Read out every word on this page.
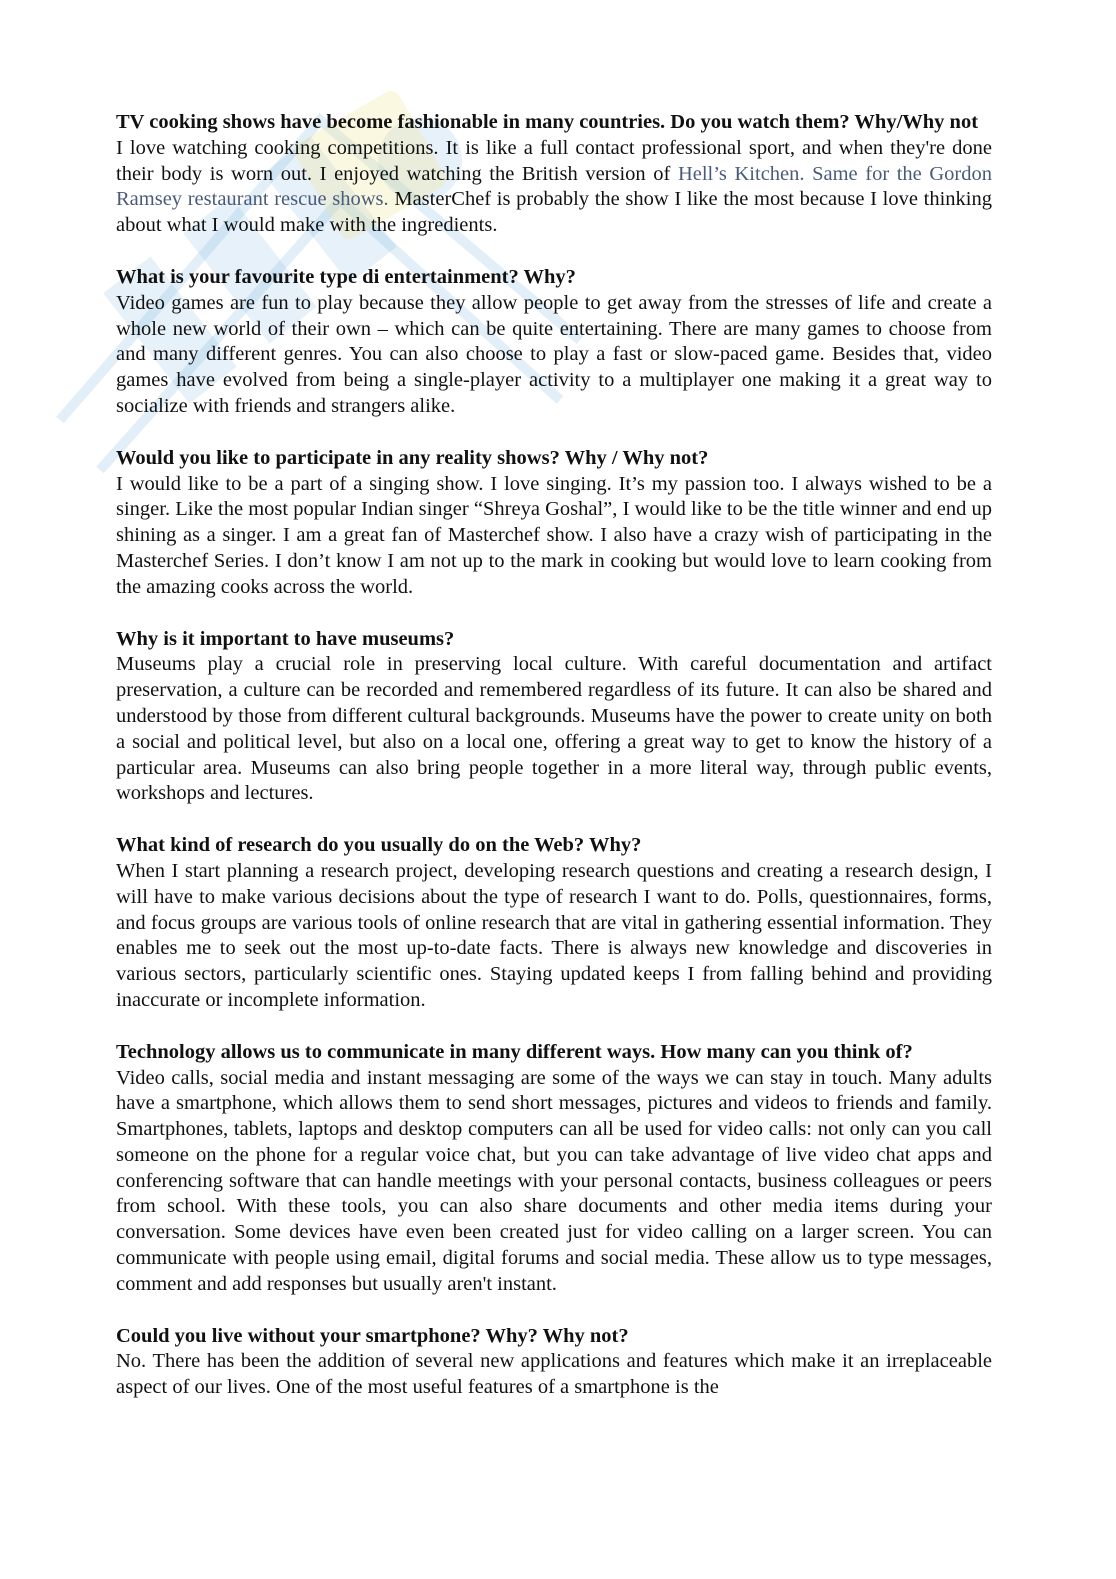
TV cooking shows have become fashionable in many countries. Do you watch them? Why/Why not

I love watching cooking competitions. It is like a full contact professional sport, and when they're done their body is worn out. I enjoyed watching the British version of Hell’s Kitchen. Same for the Gordon Ramsey restaurant rescue shows. MasterChef is probably the show I like the most because I love thinking about what I would make with the ingredients.

What is your favourite type di entertainment? Why?

Video games are fun to play because they allow people to get away from the stresses of life and create a whole new world of their own – which can be quite entertaining. There are many games to choose from and many different genres. You can also choose to play a fast or slow-paced game. Besides that, video games have evolved from being a single-player activity to a multiplayer one making it a great way to socialize with friends and strangers alike.

Would you like to participate in any reality shows? Why / Why not?

I would like to be a part of a singing show. I love singing. It’s my passion too. I always wished to be a singer. Like the most popular Indian singer “Shreya Goshal”, I would like to be the title winner and end up shining as a singer. I am a great fan of Masterchef show. I also have a crazy wish of participating in the Masterchef Series. I don’t know I am not up to the mark in cooking but would love to learn cooking from the amazing cooks across the world.

Why is it important to have museums?

Museums play a crucial role in preserving local culture. With careful documentation and artifact preservation, a culture can be recorded and remembered regardless of its future. It can also be shared and understood by those from different cultural backgrounds. Museums have the power to create unity on both a social and political level, but also on a local one, offering a great way to get to know the history of a particular area. Museums can also bring people together in a more literal way, through public events, workshops and lectures.

What kind of research do you usually do on the Web? Why?

When I start planning a research project, developing research questions and creating a research design, I will have to make various decisions about the type of research I want to do. Polls, questionnaires, forms, and focus groups are various tools of online research that are vital in gathering essential information. They enables me to seek out the most up-to-date facts. There is always new knowledge and discoveries in various sectors, particularly scientific ones. Staying updated keeps I from falling behind and providing inaccurate or incomplete information.

Technology allows us to communicate in many different ways. How many can you think of?

Video calls, social media and instant messaging are some of the ways we can stay in touch. Many adults have a smartphone, which allows them to send short messages, pictures and videos to friends and family. Smartphones, tablets, laptops and desktop computers can all be used for video calls: not only can you call someone on the phone for a regular voice chat, but you can take advantage of live video chat apps and conferencing software that can handle meetings with your personal contacts, business colleagues or peers from school. With these tools, you can also share documents and other media items during your conversation. Some devices have even been created just for video calling on a larger screen. You can communicate with people using email, digital forums and social media. These allow us to type messages, comment and add responses but usually aren't instant.

Could you live without your smartphone? Why? Why not?

No. There has been the addition of several new applications and features which make it an irreplaceable aspect of our lives. One of the most useful features of a smartphone is the
